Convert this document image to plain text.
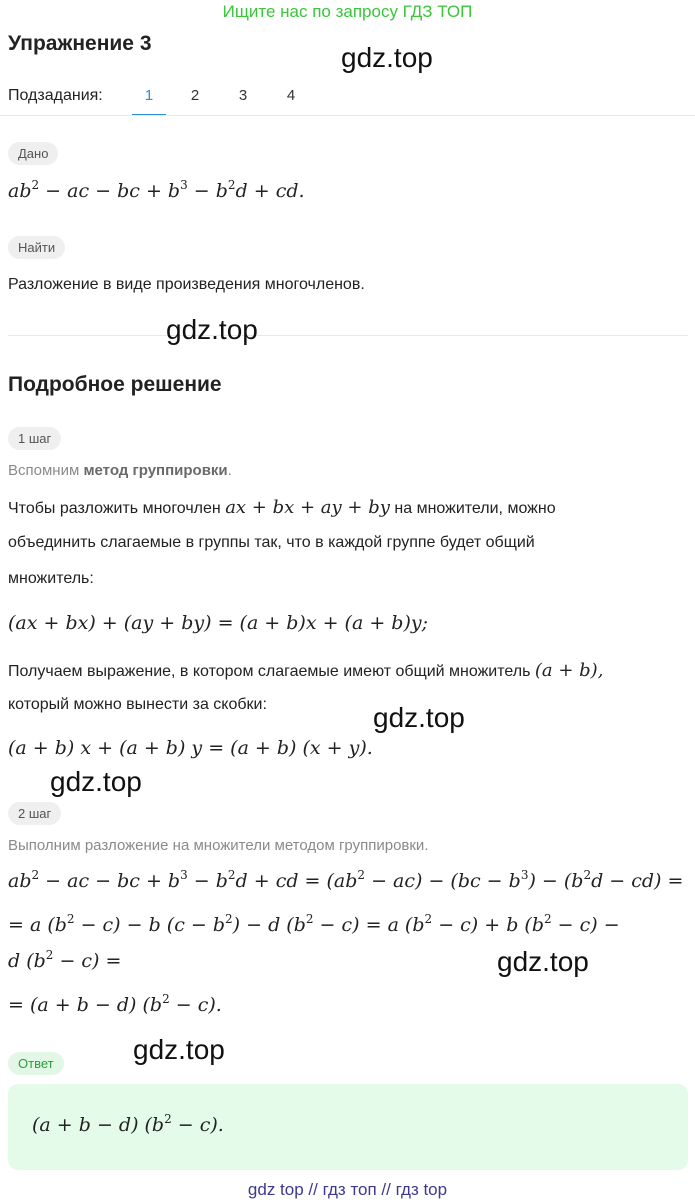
Ищите нас по запросу ГДЗ ТОП
Упражнение 3	gdz.top
Подзадания:	1	2	3	4
Дано
$ab^2$ − ac − bc + $b^3 - b^2d$ + cd.
Найти
Разложение в виде произведения многочленов.
gdz.top
Подробное решение
1 шаг
Вспомним метод группировки.
Чтобы разложить многочлен ax + bx + ay + by на множители, можно
объединить слагаемые в группы так, что в каждой группе будет общий
множитель:
(ax + bx) + (ay + by) = (a + b)x + (a + b)y;
Получаем выражение, в котором слагаемые имеют общий множитель (a + b),
который можно вынести за скобки:	gdz.top
(a + b) x + (a + b) y = (a + b) (x + y).
gdz.top
2 шаг
Выполним разложение на множители методом группировки.
$ab^2$ − ac − bc + $b^3 - b^2d$ + cd = $(ab^2 - ac) - (bc - b^3) - (b^2d - cd)$ =
= a $(b^2 - c) - b$ $(c - b^2) - d$ $(b^2 - c) = a$ $(b^2 - c) + b$ $(b^2 - c)$ −
d $(b^2 - c)$ =	gdz.top
= (a + b − d) $(b^2 - c)$.
gdz.top
Ответ
(a + b − d) $(b^2 - c)$.
gdz top // гдз топ // гдз top
